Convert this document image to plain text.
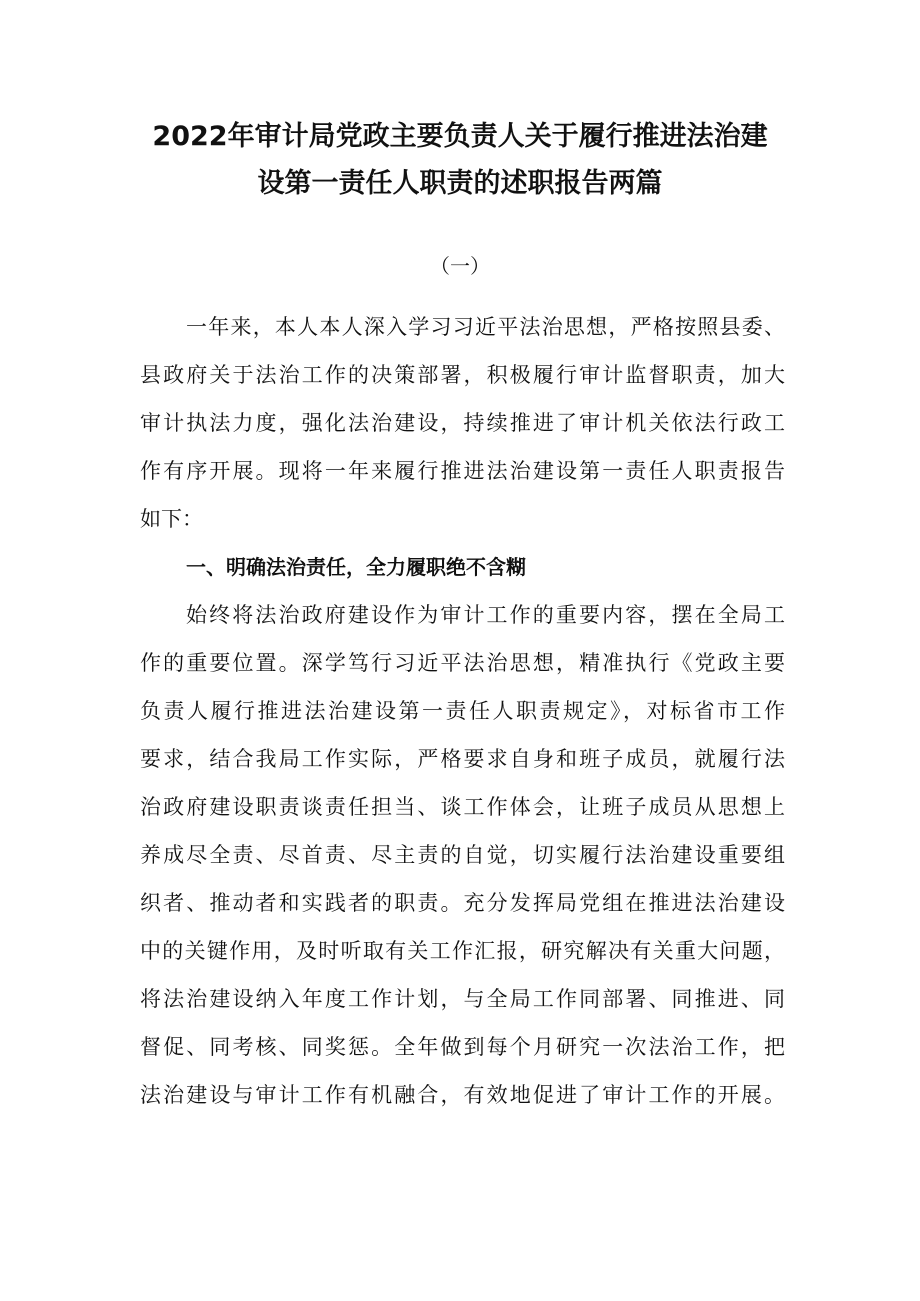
2022年审计局党政主要负责人关于履行推进法治建
设第一责任人职责的述职报告两篇
（一）
一年来，本人本人深入学习习近平法治思想，严格按照县委、
县政府关于法治工作的决策部署，积极履行审计监督职责，加大
审计执法力度，强化法治建设，持续推进了审计机关依法行政工
作有序开展。现将一年来履行推进法治建设第一责任人职责报告
如下：
一、明确法治责任，全力履职绝不含糊
始终将法治政府建设作为审计工作的重要内容，摆在全局工
作的重要位置。深学笃行习近平法治思想，精准执行《党政主要
负责人履行推进法治建设第一责任人职责规定》，对标省市工作
要求，结合我局工作实际，严格要求自身和班子成员，就履行法
治政府建设职责谈责任担当、谈工作体会，让班子成员从思想上
养成尽全责、尽首责、尽主责的自觉，切实履行法治建设重要组
织者、推动者和实践者的职责。充分发挥局党组在推进法治建设
中的关键作用，及时听取有关工作汇报，研究解决有关重大问题，
将法治建设纳入年度工作计划，与全局工作同部署、同推进、同
督促、同考核、同奖惩。全年做到每个月研究一次法治工作，把
法治建设与审计工作有机融合，有效地促进了审计工作的开展。
